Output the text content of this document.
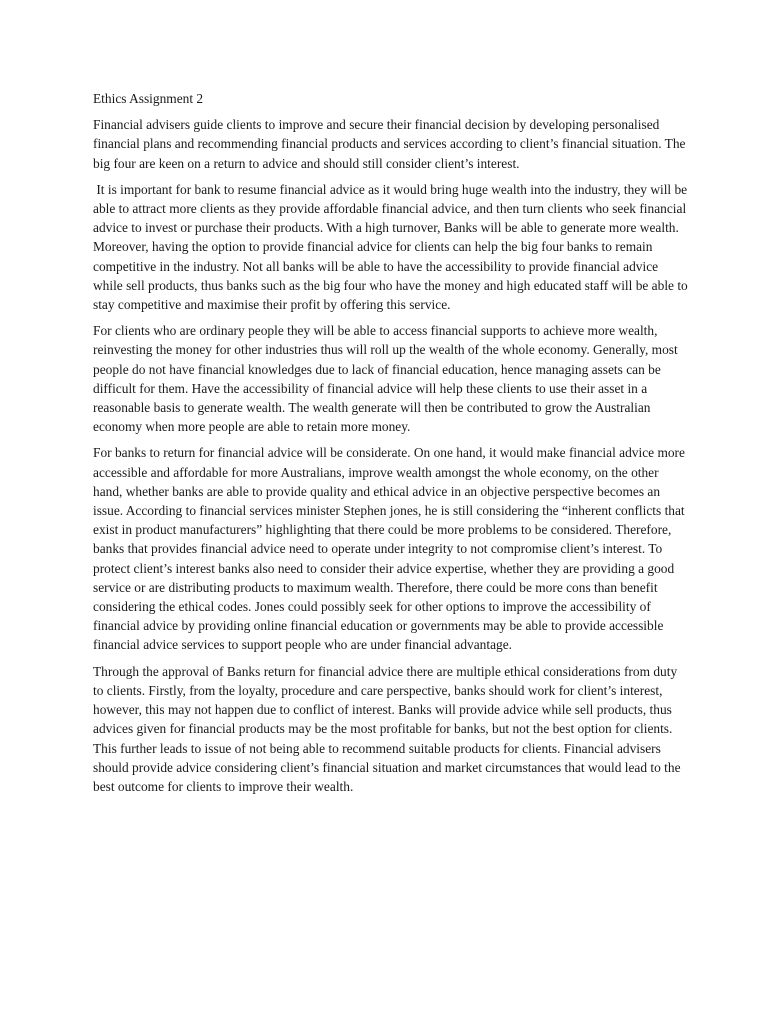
Ethics Assignment 2

Financial advisers guide clients to improve and secure their financial decision by developing personalised financial plans and recommending financial products and services according to client’s financial situation. The big four are keen on a return to advice and should still consider client’s interest.

It is important for bank to resume financial advice as it would bring huge wealth into the industry, they will be able to attract more clients as they provide affordable financial advice, and then turn clients who seek financial advice to invest or purchase their products. With a high turnover, Banks will be able to generate more wealth. Moreover, having the option to provide financial advice for clients can help the big four banks to remain competitive in the industry. Not all banks will be able to have the accessibility to provide financial advice while sell products, thus banks such as the big four who have the money and high educated staff will be able to stay competitive and maximise their profit by offering this service.

For clients who are ordinary people they will be able to access financial supports to achieve more wealth, reinvesting the money for other industries thus will roll up the wealth of the whole economy. Generally, most people do not have financial knowledges due to lack of financial education, hence managing assets can be difficult for them. Have the accessibility of financial advice will help these clients to use their asset in a reasonable basis to generate wealth. The wealth generate will then be contributed to grow the Australian economy when more people are able to retain more money.

For banks to return for financial advice will be considerate. On one hand, it would make financial advice more accessible and affordable for more Australians, improve wealth amongst the whole economy, on the other hand, whether banks are able to provide quality and ethical advice in an objective perspective becomes an issue. According to financial services minister Stephen jones, he is still considering the “inherent conflicts that exist in product manufacturers” highlighting that there could be more problems to be considered. Therefore, banks that provides financial advice need to operate under integrity to not compromise client’s interest. To protect client’s interest banks also need to consider their advice expertise, whether they are providing a good service or are distributing products to maximum wealth. Therefore, there could be more cons than benefit considering the ethical codes. Jones could possibly seek for other options to improve the accessibility of financial advice by providing online financial education or governments may be able to provide accessible financial advice services to support people who are under financial advantage.

Through the approval of Banks return for financial advice there are multiple ethical considerations from duty to clients. Firstly, from the loyalty, procedure and care perspective, banks should work for client’s interest, however, this may not happen due to conflict of interest. Banks will provide advice while sell products, thus advices given for financial products may be the most profitable for banks, but not the best option for clients. This further leads to issue of not being able to recommend suitable products for clients. Financial advisers should provide advice considering client’s financial situation and market circumstances that would lead to the best outcome for clients to improve their wealth.
